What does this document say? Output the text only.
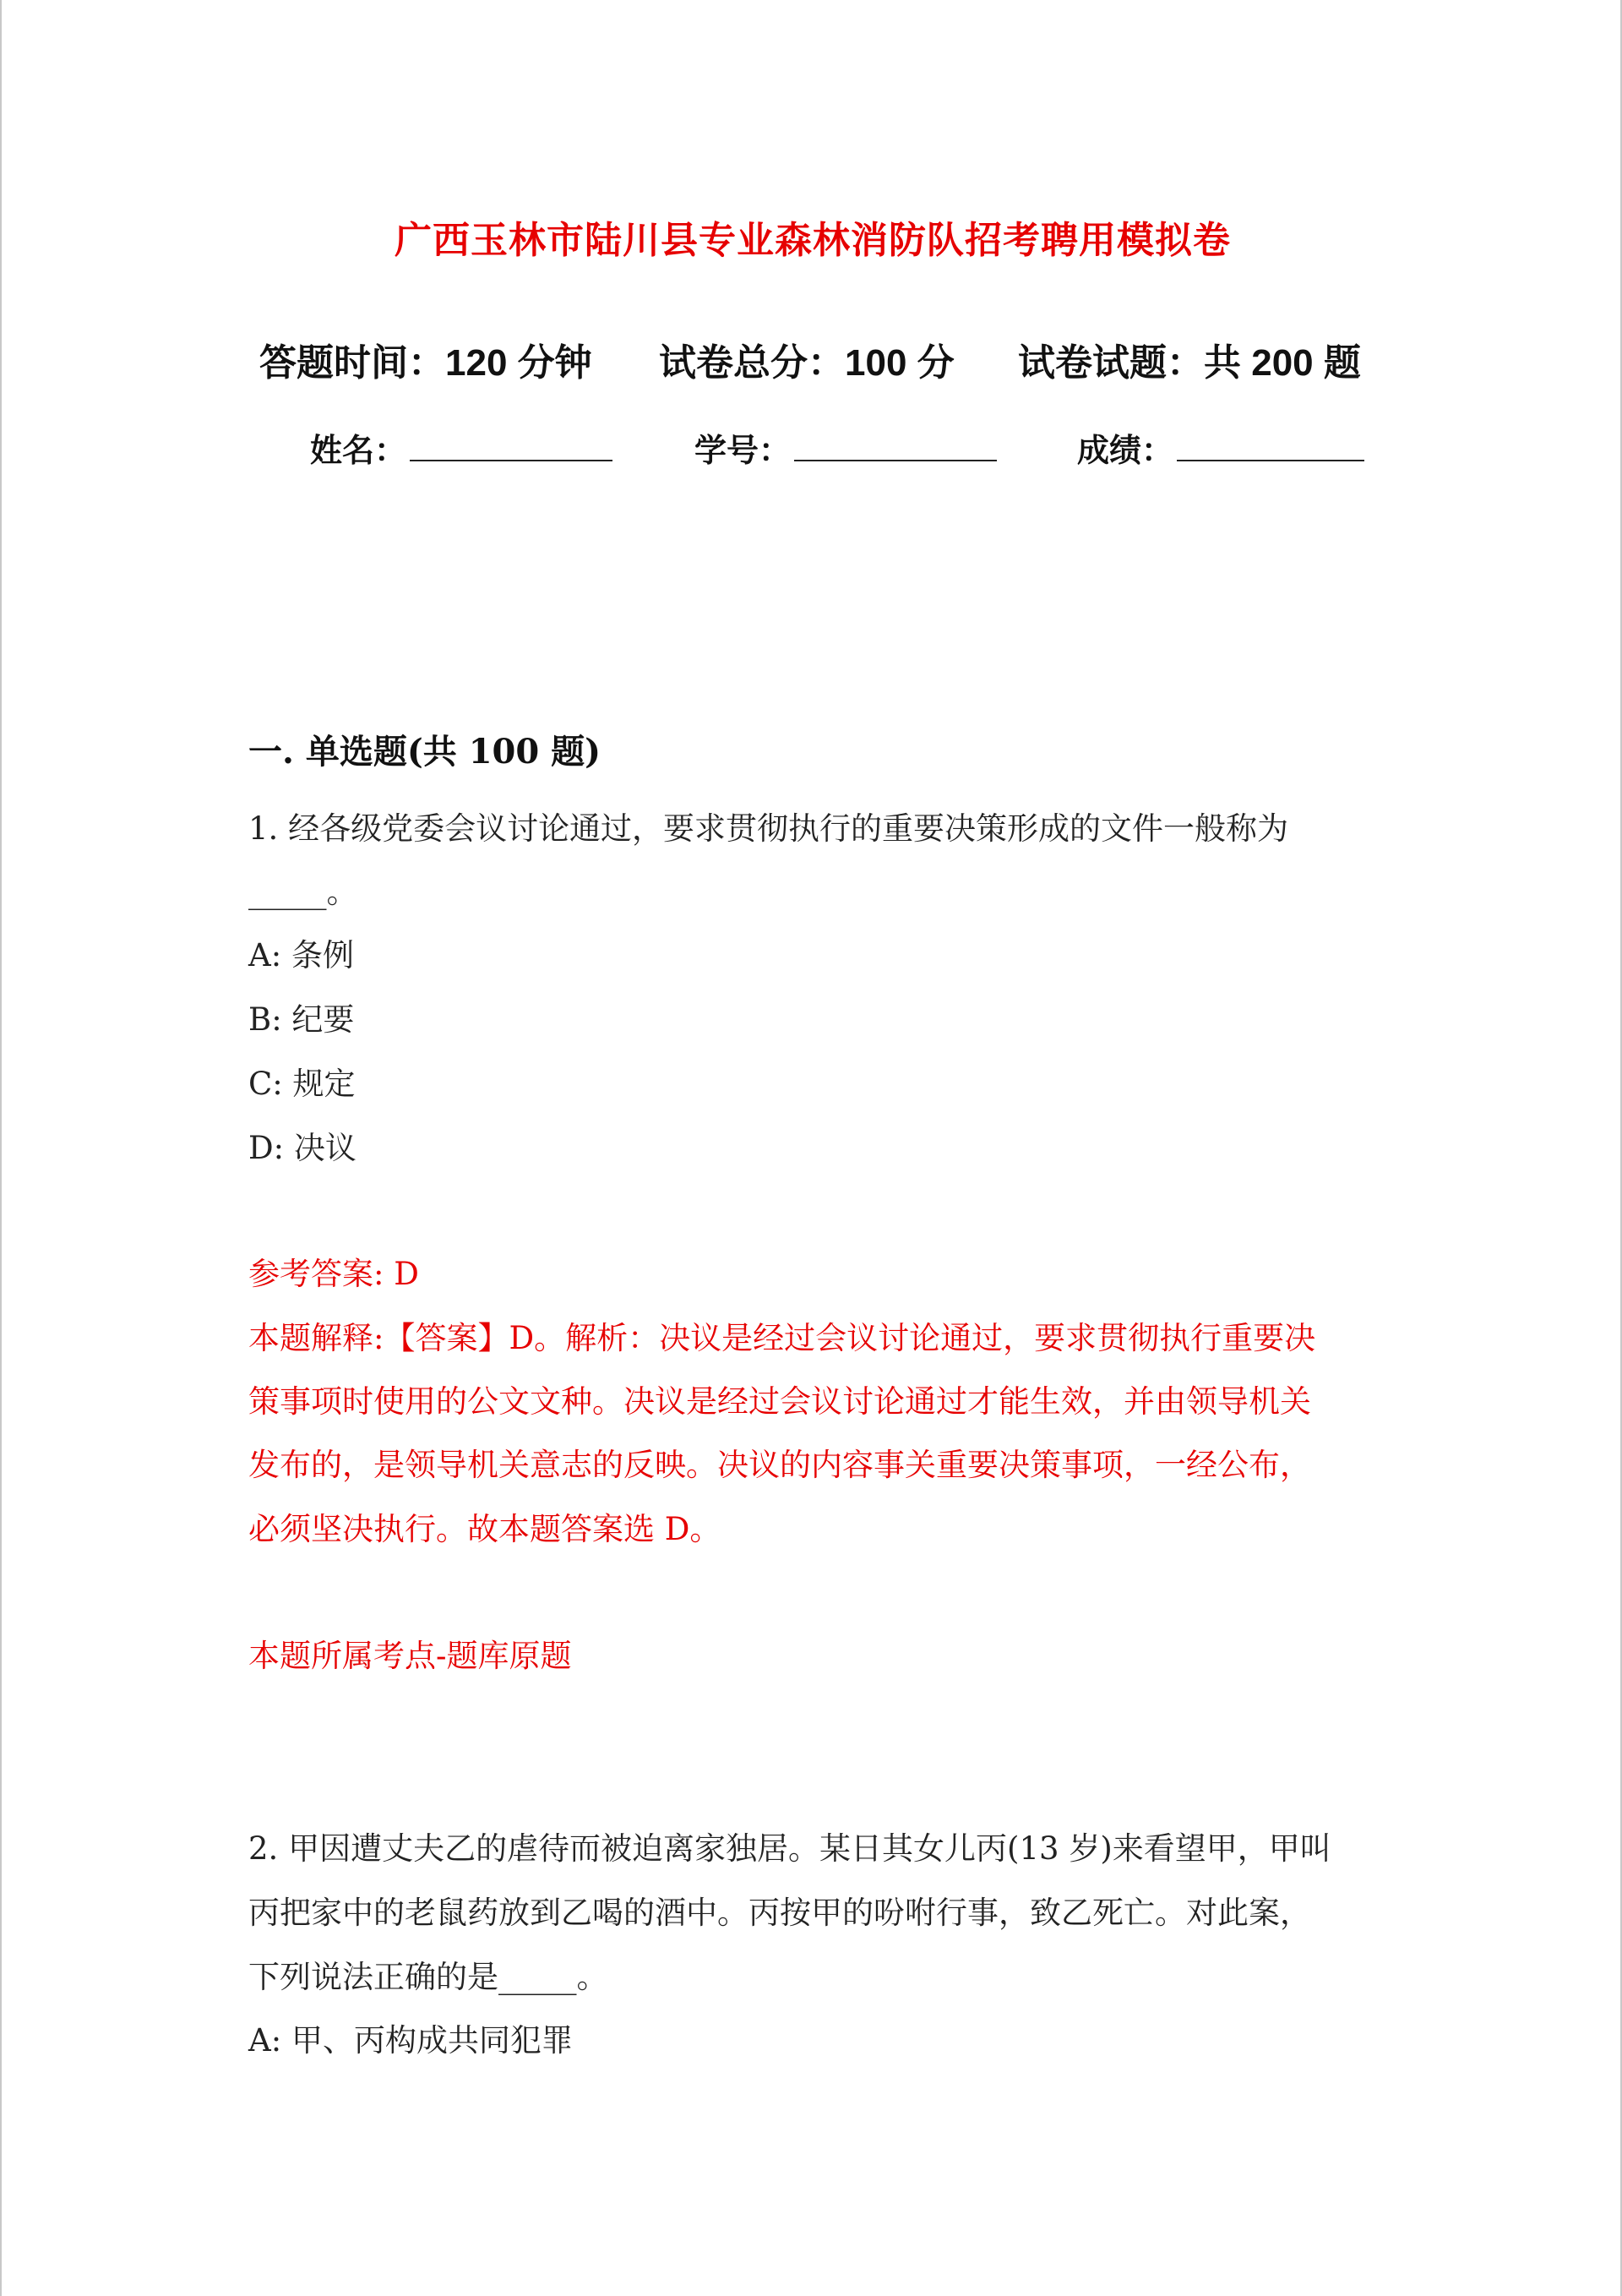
广西玉林市陆川县专业森林消防队招考聘用模拟卷
答题时间：120 分钟 试卷总分：100 分 试卷试题：共 200 题
姓名：	学号：	成绩：
一. 单选题(共 100 题)
1. 经各级党委会议讨论通过，要求贯彻执行的重要决策形成的文件一般称为
_____。
A: 条例
B: 纪要
C: 规定
D: 决议
参考答案: D
本题解释:【答案】D。解析：决议是经过会议讨论通过，要求贯彻执行重要决
策事项时使用的公文文种。决议是经过会议讨论通过才能生效，并由领导机关
发布的，是领导机关意志的反映。决议的内容事关重要决策事项，一经公布，
必须坚决执行。故本题答案选 D。
本题所属考点-题库原题
2. 甲因遭丈夫乙的虐待而被迫离家独居。某日其女儿丙(13 岁)来看望甲，甲叫
丙把家中的老鼠药放到乙喝的酒中。丙按甲的吩咐行事，致乙死亡。对此案，
下列说法正确的是_____。
A: 甲、丙构成共同犯罪
